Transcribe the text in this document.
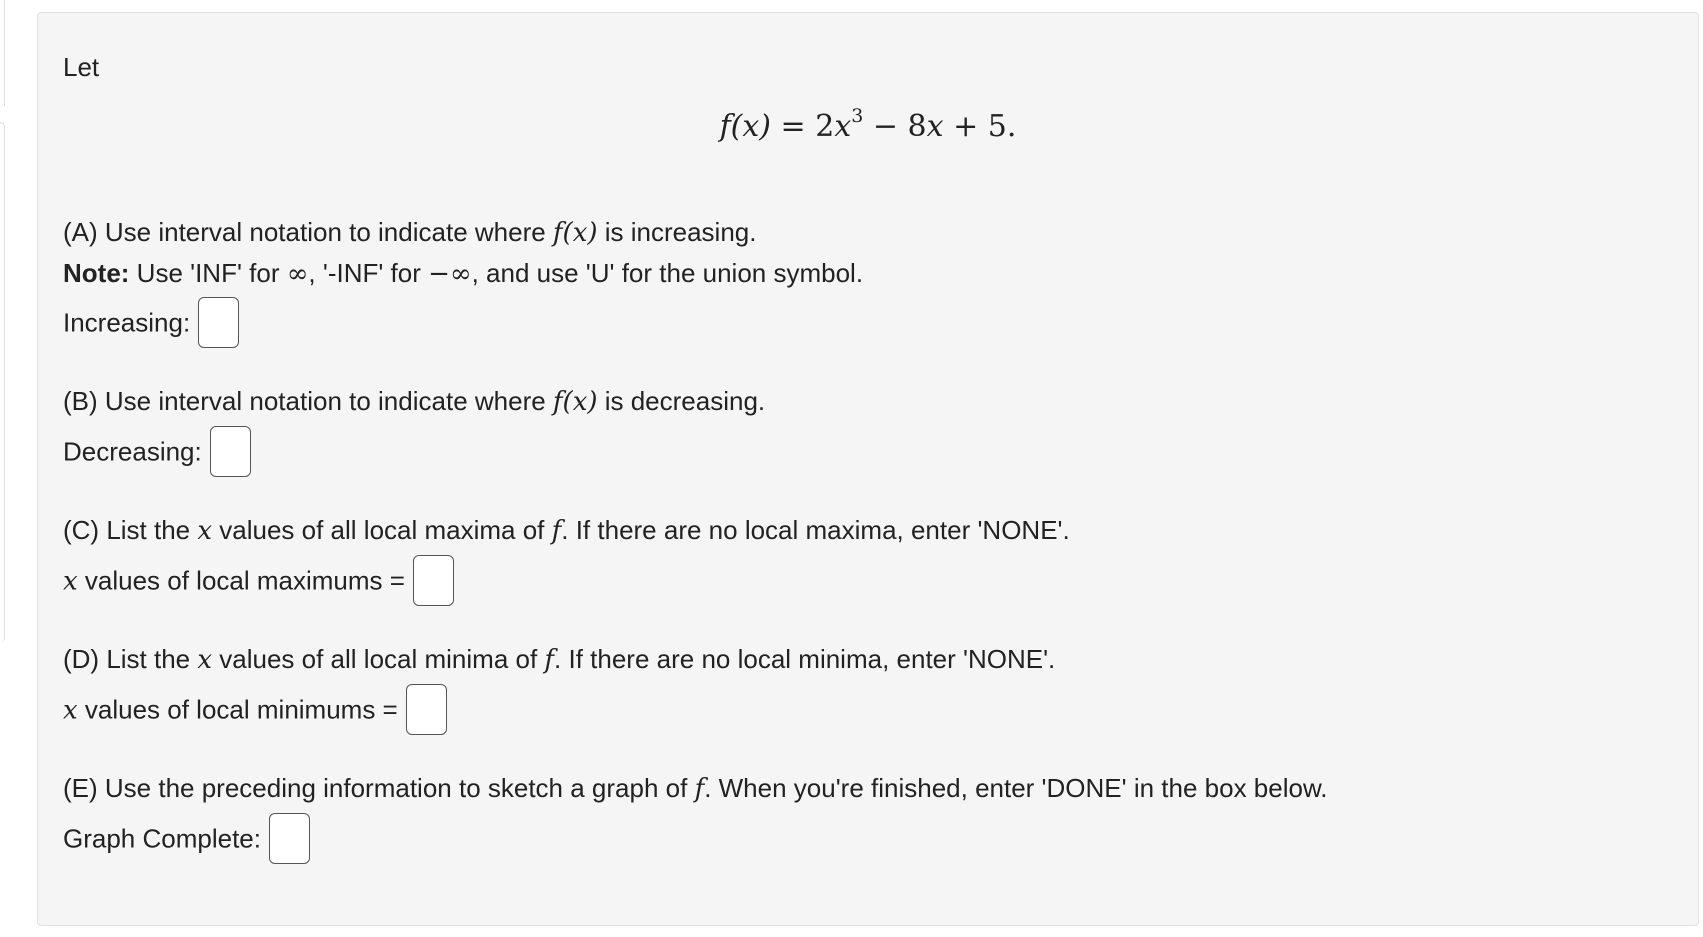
Let

$f(x) = 2x^3 - 8x + 5$.

(A) Use interval notation to indicate where f(x) is increasing.

Note: Use 'INF' for ∞, '-INF' for −∞, and use 'U' for the union symbol.

Increasing:

(B) Use interval notation to indicate where f(x) is decreasing.

Decreasing:

(C) List the x values of all local maxima of f. If there are no local maxima, enter 'NONE'.

x values of local maximums =

(D) List the x values of all local minima of f. If there are no local minima, enter 'NONE'.

x values of local minimums =

(E) Use the preceding information to sketch a graph of f. When you're finished, enter 'DONE' in the box below.

Graph Complete:
